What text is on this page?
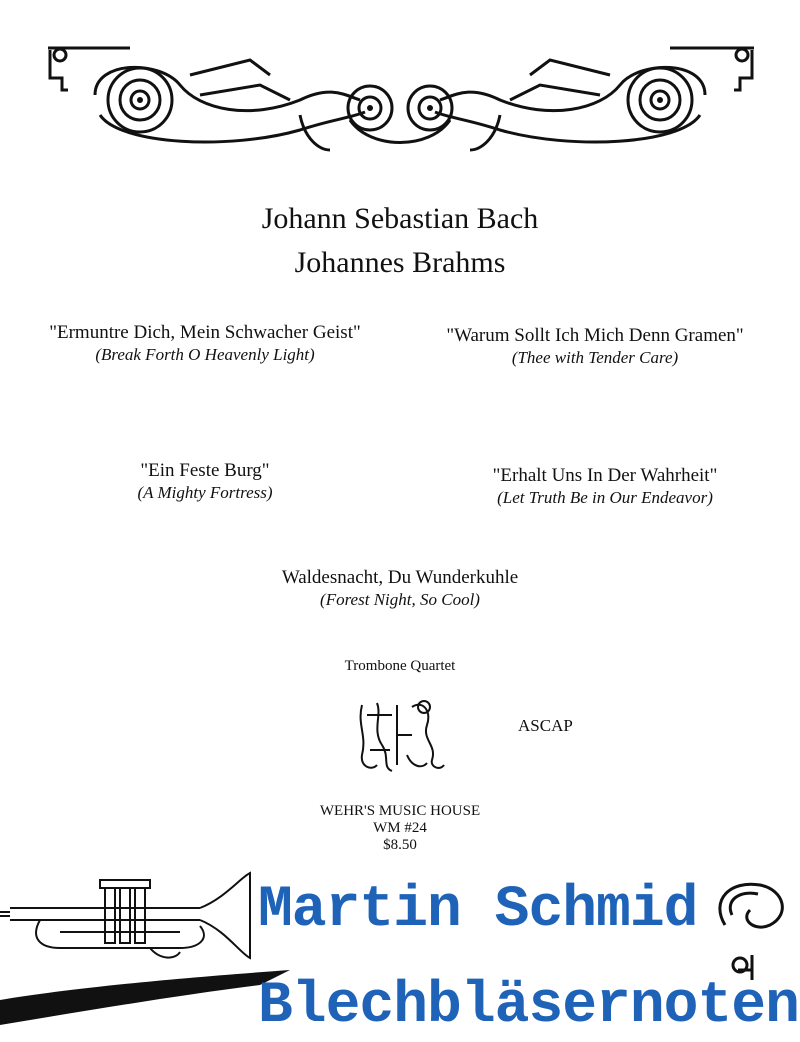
Johann Sebastian Bach
Johannes Brahms
"Ermuntre Dich, Mein Schwacher Geist"
(Break Forth O Heavenly Light)
"Warum Sollt Ich Mich Denn Gramen"
(Thee with Tender Care)
"Ein Feste Burg"
(A Mighty Fortress)
"Erhalt Uns In Der Wahrheit"
(Let Truth Be in Our Endeavor)
Waldesnacht, Du Wunderkuhle
(Forest Night, So Cool)
Trombone Quartet
ASCAP
WEHR'S MUSIC HOUSE
WM #24
$8.50
Martin Schmid
Blechbläsernoten
